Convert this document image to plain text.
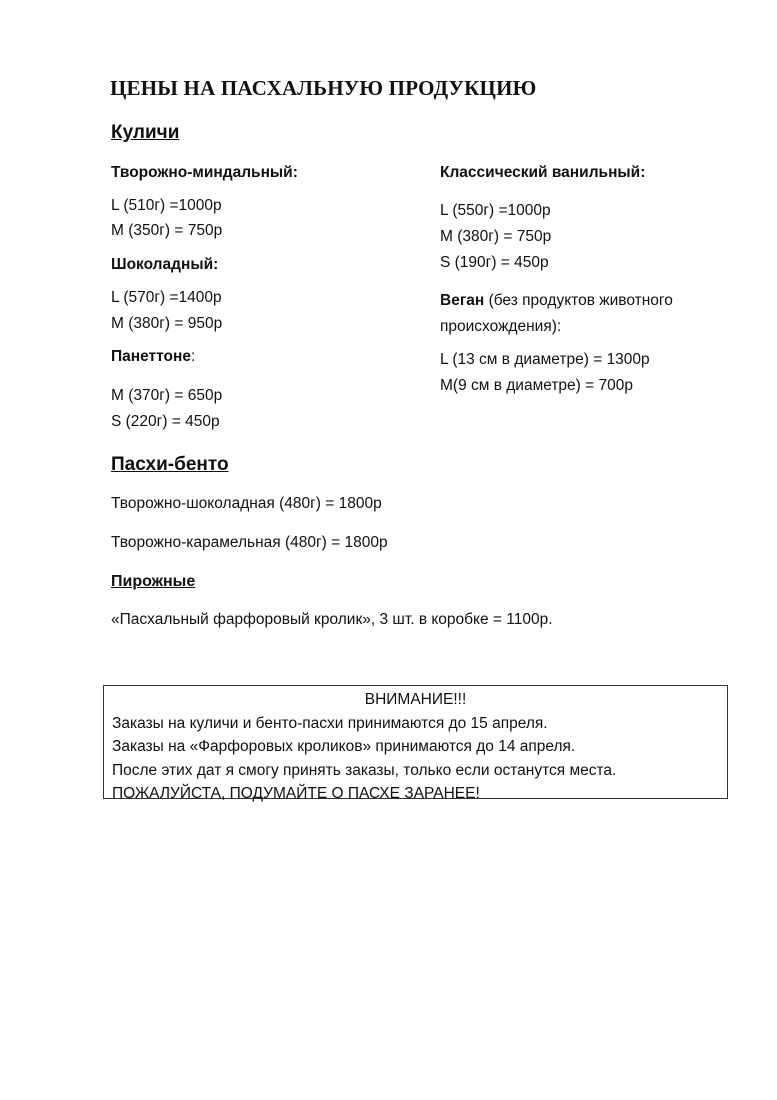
ЦЕНЫ НА ПАСХАЛЬНУЮ ПРОДУКЦИЮ
Куличи
Творожно-миндальный:
L (510г) =1000р
M (350г) = 750р
Шоколадный:
L (570г) =1400р
M (380г) = 950р
Панеттоне:
M (370г) = 650р
S (220г) = 450р
Классический ванильный:
L (550г) =1000р
M (380г) = 750р
S (190г) = 450р
Веган (без продуктов животного
происхождения):
L (13 см в диаметре) = 1300р
M(9 см в диаметре) = 700р
Пасхи-бенто
Творожно-шоколадная (480г) = 1800р
Творожно-карамельная (480г) = 1800р
Пирожные
«Пасхальный фарфоровый кролик», 3 шт. в коробке = 1100р.
ВНИМАНИЕ!!!
Заказы на куличи и бенто-пасхи принимаются до 15 апреля.
Заказы на «Фарфоровых кроликов» принимаются до 14 апреля.
После этих дат я смогу принять заказы, только если останутся места.
ПОЖАЛУЙСТА, ПОДУМАЙТЕ О ПАСХЕ ЗАРАНЕЕ!
